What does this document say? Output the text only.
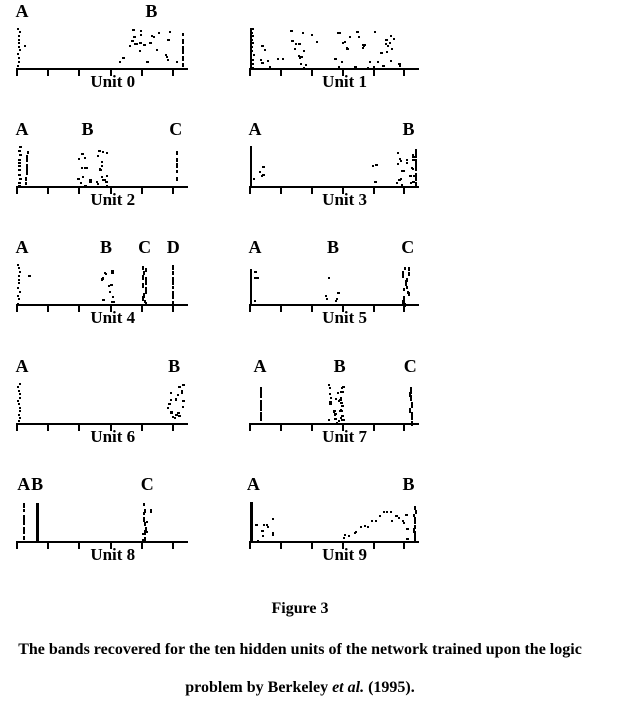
A	B
Unit 0	Unit 1
A	B	C
Unit 2
A	B
Unit 3
A	B C D
Unit 4
A	B	C
Unit 5
A	B
Unit 6
A	B	C
Unit 7
A B	C
Unit 8
A	B
Unit 9
Figure 3
The bands recovered for the ten hidden units of the network trained upon the logic
problem by Berkeley et al. (1995).
